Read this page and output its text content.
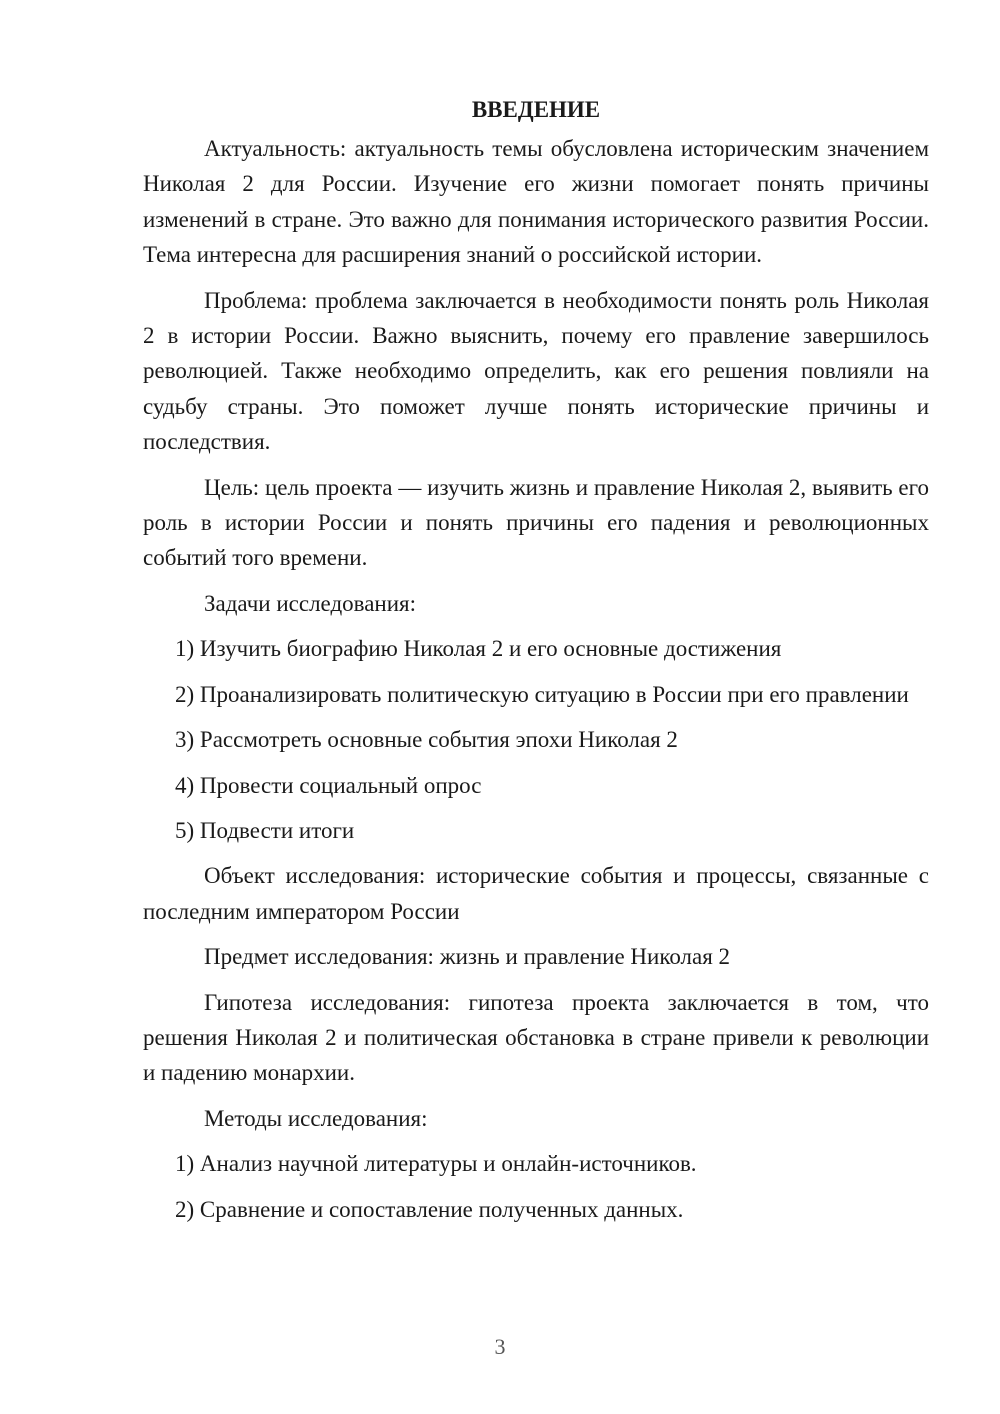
ВВЕДЕНИЕ

Актуальность: актуальность темы обусловлена историческим значением Николая 2 для России. Изучение его жизни помогает понять причины изменений в стране. Это важно для понимания исторического развития России. Тема интересна для расширения знаний о российской истории.

Проблема: проблема заключается в необходимости понять роль Николая 2 в истории России. Важно выяснить, почему его правление завершилось революцией. Также необходимо определить, как его решения повлияли на судьбу страны. Это поможет лучше понять исторические причины и последствия.

Цель: цель проекта — изучить жизнь и правление Николая 2, выявить его роль в истории России и понять причины его падения и революционных событий того времени.

Задачи исследования:

1) Изучить биографию Николая 2 и его основные достижения

2) Проанализировать политическую ситуацию в России при его правлении

3) Рассмотреть основные события эпохи Николая 2

4) Провести социальный опрос

5) Подвести итоги

Объект исследования: исторические события и процессы, связанные с последним императором России

Предмет исследования: жизнь и правление Николая 2

Гипотеза исследования: гипотеза проекта заключается в том, что решения Николая 2 и политическая обстановка в стране привели к революции и падению монархии.

Методы исследования:

1) Анализ научной литературы и онлайн-источников.

2) Сравнение и сопоставление полученных данных.

3
